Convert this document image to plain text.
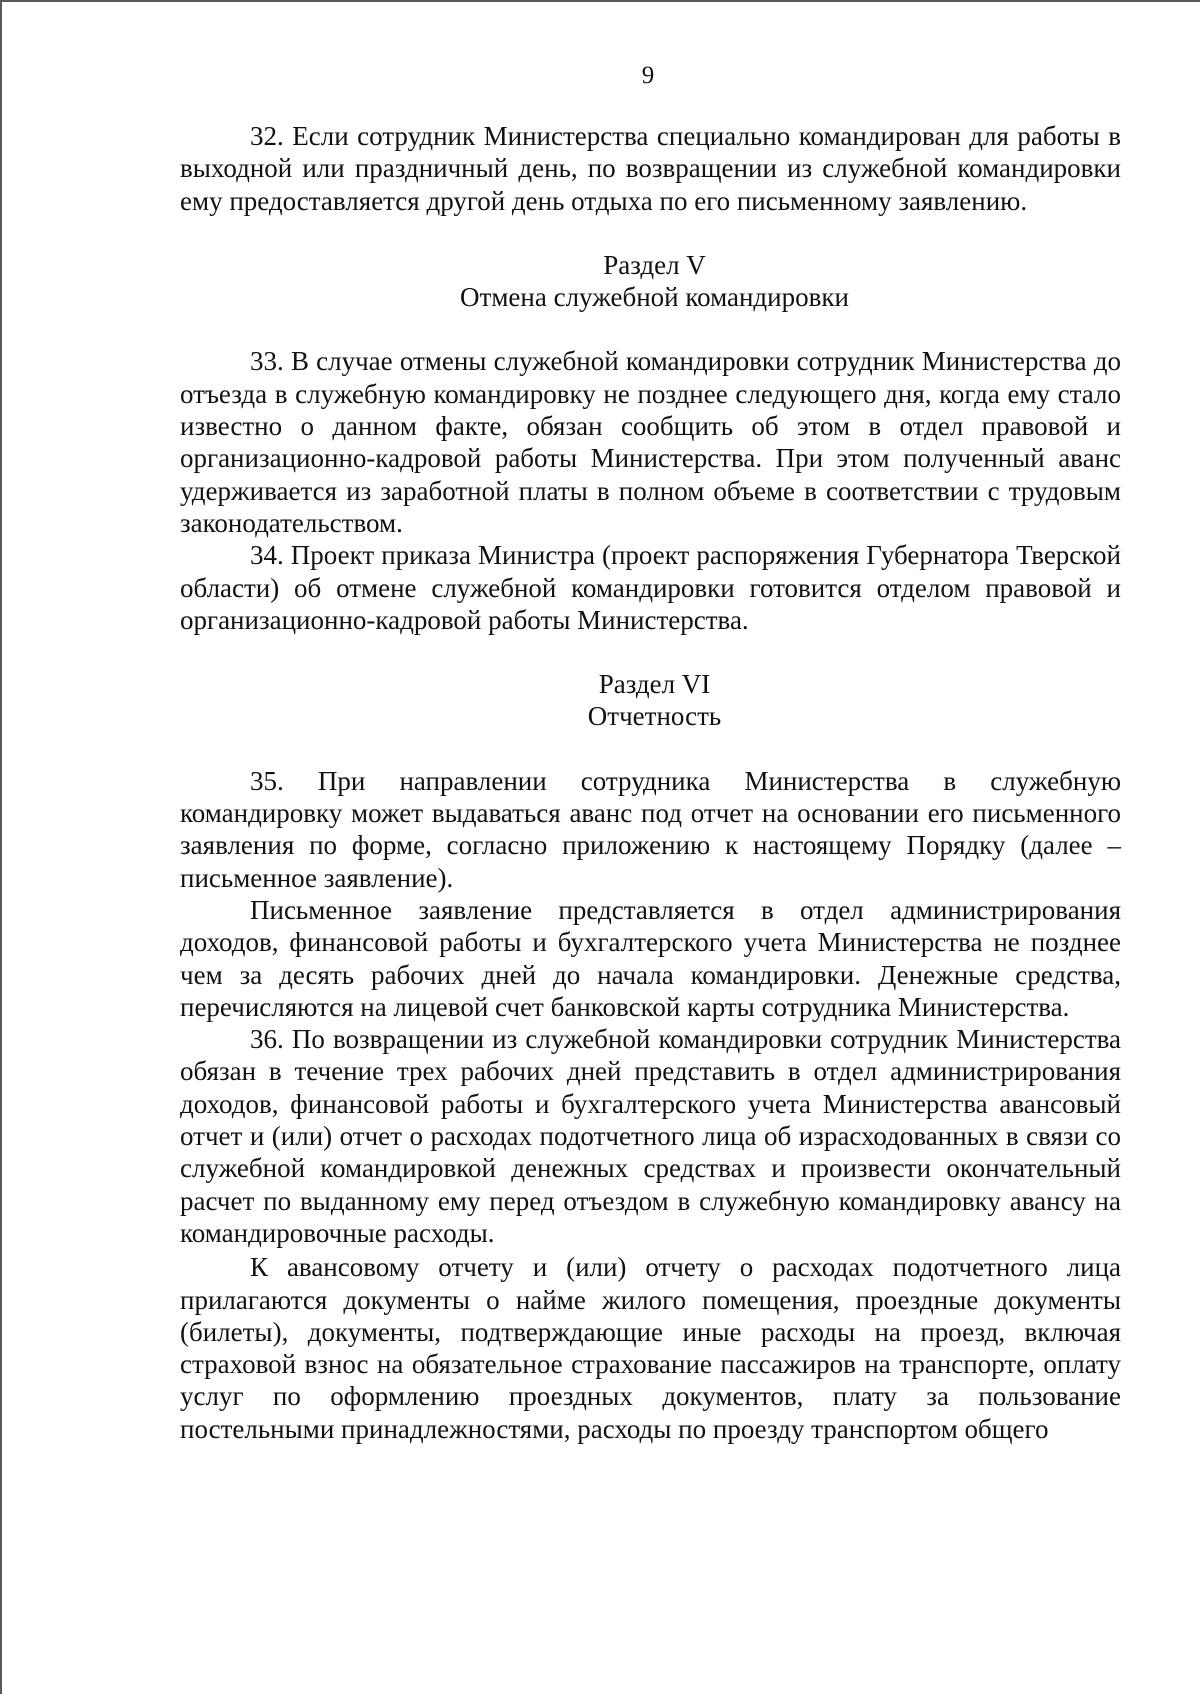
9

32. Если сотрудник Министерства специально командирован для работы в выходной или праздничный день, по возвращении из служебной командировки ему предоставляется другой день отдыха по его письменному заявлению.

Раздел V

Отмена служебной командировки

33. В случае отмены служебной командировки сотрудник Министерства до отъезда в служебную командировку не позднее следующего дня, когда ему стало известно о данном факте, обязан сообщить об этом в отдел правовой и организационно-кадровой работы Министерства. При этом полученный аванс удерживается из заработной платы в полном объеме в соответствии с трудовым законодательством.

34. Проект приказа Министра (проект распоряжения Губернатора Тверской области) об отмене служебной командировки готовится отделом правовой и организационно-кадровой работы Министерства.

Раздел VI

Отчетность

35. При направлении сотрудника Министерства в служебную командировку может выдаваться аванс под отчет на основании его письменного заявления по форме, согласно приложению к настоящему Порядку (далее – письменное заявление).

Письменное заявление представляется в отдел администрирования доходов, финансовой работы и бухгалтерского учета Министерства не позднее чем за десять рабочих дней до начала командировки. Денежные средства, перечисляются на лицевой счет банковской карты сотрудника Министерства.

36. По возвращении из служебной командировки сотрудник Министерства обязан в течение трех рабочих дней представить в отдел администрирования доходов, финансовой работы и бухгалтерского учета Министерства авансовый отчет и (или) отчет о расходах подотчетного лица об израсходованных в связи со служебной командировкой денежных средствах и произвести окончательный расчет по выданному ему перед отъездом в служебную командировку авансу на командировочные расходы.

К авансовому отчету и (или) отчету о расходах подотчетного лица прилагаются документы о найме жилого помещения, проездные документы (билеты), документы, подтверждающие иные расходы на проезд, включая страховой взнос на обязательное страхование пассажиров на транспорте, оплату услуг по оформлению проездных документов, плату за пользование постельными принадлежностями, расходы по проезду транспортом общего
